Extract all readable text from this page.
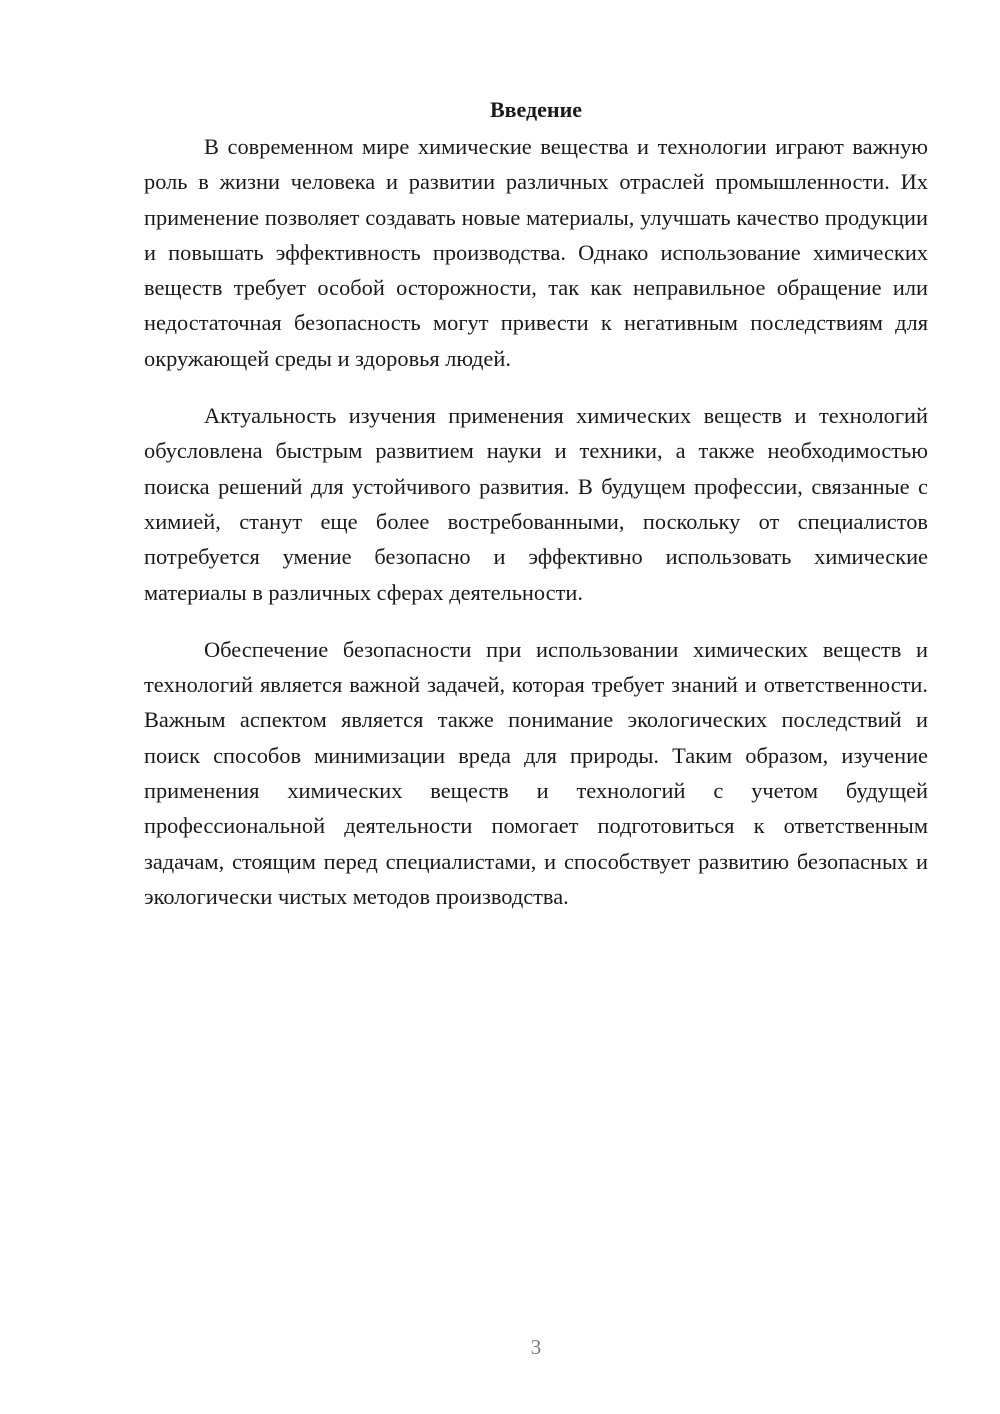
Введение

В современном мире химические вещества и технологии играют важную роль в жизни человека и развитии различных отраслей промышленности. Их применение позволяет создавать новые материалы, улучшать качество продукции и повышать эффективность производства. Однако использование химических веществ требует особой осторожности, так как неправильное обращение или недостаточная безопасность могут привести к негативным последствиям для окружающей среды и здоровья людей.

Актуальность изучения применения химических веществ и технологий обусловлена быстрым развитием науки и техники, а также необходимостью поиска решений для устойчивого развития. В будущем профессии, связанные с химией, станут еще более востребованными, поскольку от специалистов потребуется умение безопасно и эффективно использовать химические материалы в различных сферах деятельности.

Обеспечение безопасности при использовании химических веществ и технологий является важной задачей, которая требует знаний и ответственности. Важным аспектом является также понимание экологических последствий и поиск способов минимизации вреда для природы. Таким образом, изучение применения химических веществ и технологий с учетом будущей профессиональной деятельности помогает подготовиться к ответственным задачам, стоящим перед специалистами, и способствует развитию безопасных и экологически чистых методов производства.

3
